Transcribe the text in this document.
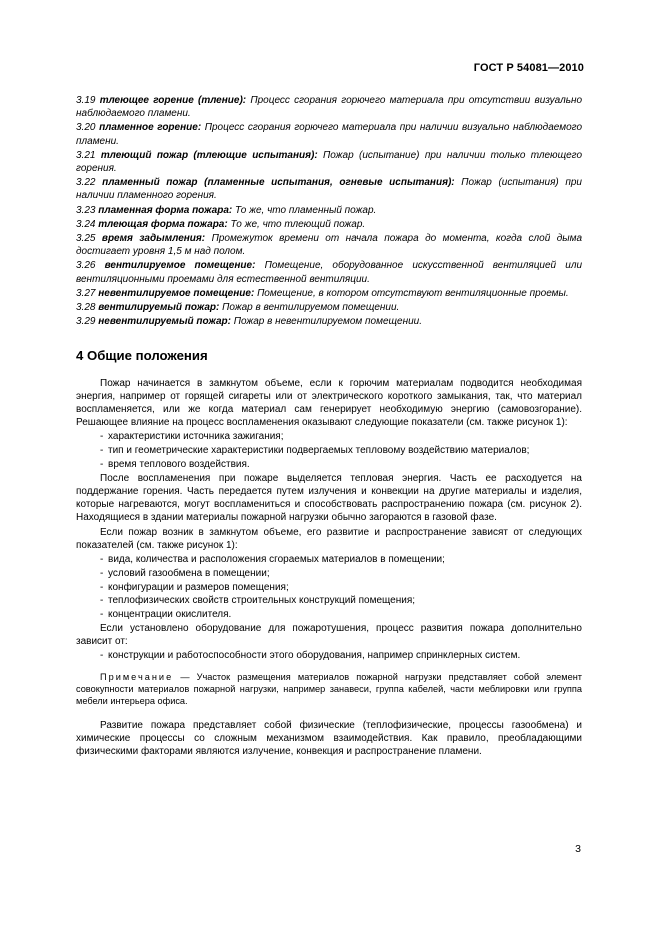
ГОСТ Р 54081—2010

3.19 тлеющее горение (тление): Процесс сгорания горючего материала при отсутствии визуально наблюдаемого пламени.

3.20 пламенное горение: Процесс сгорания горючего материала при наличии визуально наблюдаемого пламени.

3.21 тлеющий пожар (тлеющие испытания): Пожар (испытание) при наличии только тлеющего горения.

3.22 пламенный пожар (пламенные испытания, огневые испытания): Пожар (испытания) при наличии пламенного горения.

3.23 пламенная форма пожара: То же, что пламенный пожар.

3.24 тлеющая форма пожара: То же, что тлеющий пожар.

3.25 время задымления: Промежуток времени от начала пожара до момента, когда слой дыма достигает уровня 1,5 м над полом.

3.26 вентилируемое помещение: Помещение, оборудованное искусственной вентиляцией или вентиляционными проемами для естественной вентиляции.

3.27 невентилируемое помещение: Помещение, в котором отсутствуют вентиляционные проемы.

3.28 вентилируемый пожар: Пожар в вентилируемом помещении.

3.29 невентилируемый пожар: Пожар в невентилируемом помещении.

4 Общие положения

Пожар начинается в замкнутом объеме, если к горючим материалам подводится необходимая энергия, например от горящей сигареты или от электрического короткого замыкания, так, что материал воспламеняется, или же когда материал сам генерирует необходимую энергию (самовозгорание). Решающее влияние на процесс воспламенения оказывают следующие показатели (см. также рисунок 1):

- характеристики источника зажигания;
- тип и геометрические характеристики подвергаемых тепловому воздействию материалов;
- время теплового воздействия.

После воспламенения при пожаре выделяется тепловая энергия. Часть ее расходуется на поддержание горения. Часть передается путем излучения и конвекции на другие материалы и изделия, которые нагреваются, могут воспламениться и способствовать распространению пожара (см. рисунок 2). Находящиеся в здании материалы пожарной нагрузки обычно загораются в газовой фазе.

Если пожар возник в замкнутом объеме, его развитие и распространение зависят от следующих показателей (см. также рисунок 1):

- вида, количества и расположения сгораемых материалов в помещении;
- условий газообмена в помещении;
- конфигурации и размеров помещения;
- теплофизических свойств строительных конструкций помещения;
- концентрации окислителя.

Если установлено оборудование для пожаротушения, процесс развития пожара дополнительно зависит от:

- конструкции и работоспособности этого оборудования, например спринклерных систем.

Примечание — Участок размещения материалов пожарной нагрузки представляет собой элемент совокупности материалов пожарной нагрузки, например занавеси, группа кабелей, части меблировки или группа мебели интерьера офиса.

Развитие пожара представляет собой физические (теплофизические, процессы газообмена) и химические процессы со сложным механизмом взаимодействия. Как правило, преобладающими физическими факторами являются излучение, конвекция и распространение пламени.

3
